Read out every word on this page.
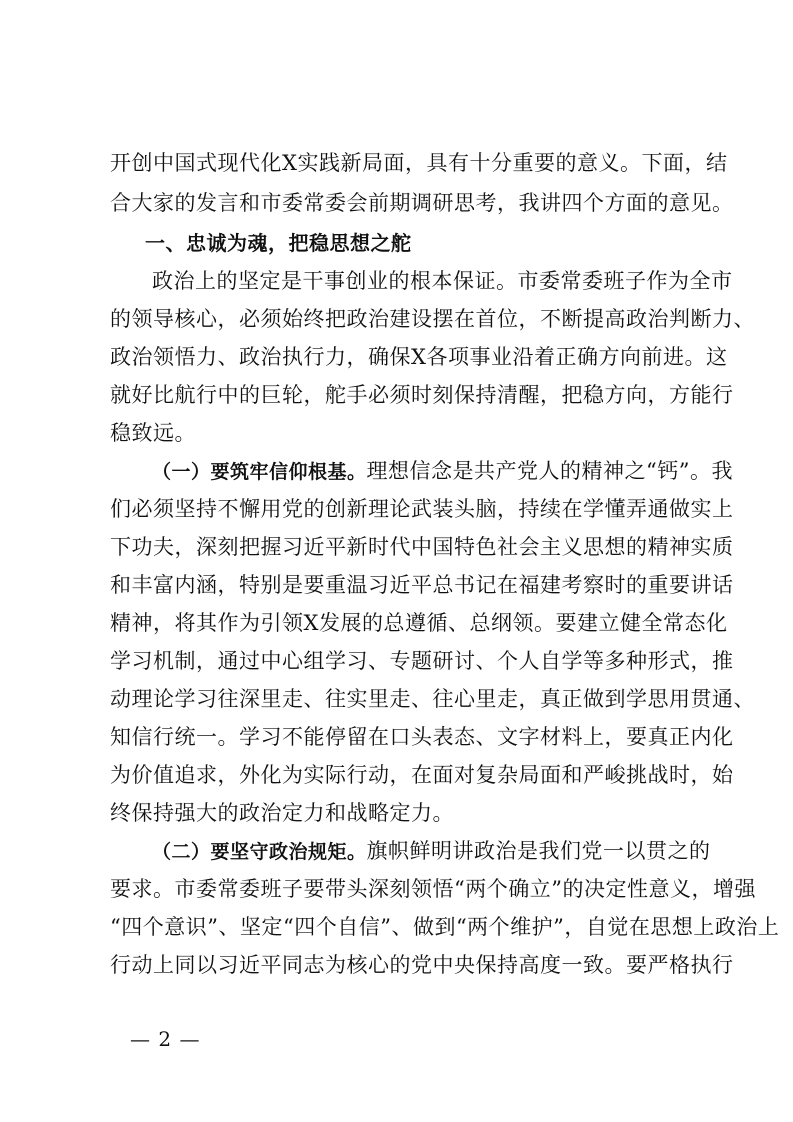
开创中国式现代化X实践新局面，具有十分重要的意义。下面，结

合大家的发言和市委常委会前期调研思考，我讲四个方面的意见。

一、忠诚为魂，把稳思想之舵

政治上的坚定是干事创业的根本保证。市委常委班子作为全市

的领导核心，必须始终把政治建设摆在首位，不断提高政治判断力、

政治领悟力、政治执行力，确保X各项事业沿着正确方向前进。这

就好比航行中的巨轮，舵手必须时刻保持清醒，把稳方向，方能行

稳致远。

（一）要筑牢信仰根基。理想信念是共产党人的精神之“钙”。我

们必须坚持不懈用党的创新理论武装头脑，持续在学懂弄通做实上

下功夫，深刻把握习近平新时代中国特色社会主义思想的精神实质

和丰富内涵，特别是要重温习近平总书记在福建考察时的重要讲话

精神，将其作为引领X发展的总遵循、总纲领。要建立健全常态化

学习机制，通过中心组学习、专题研讨、个人自学等多种形式，推

动理论学习往深里走、往实里走、往心里走，真正做到学思用贯通、

知信行统一。学习不能停留在口头表态、文字材料上，要真正内化

为价值追求，外化为实际行动，在面对复杂局面和严峻挑战时，始

终保持强大的政治定力和战略定力。

（二）要坚守政治规矩。旗帜鲜明讲政治是我们党一以贯之的

要求。市委常委班子要带头深刻领悟“两个确立”的决定性意义，增强

“四个意识”、坚定“四个自信”、做到“两个维护”，自觉在思想上政治上

行动上同以习近平同志为核心的党中央保持高度一致。要严格执行

— 2 —
